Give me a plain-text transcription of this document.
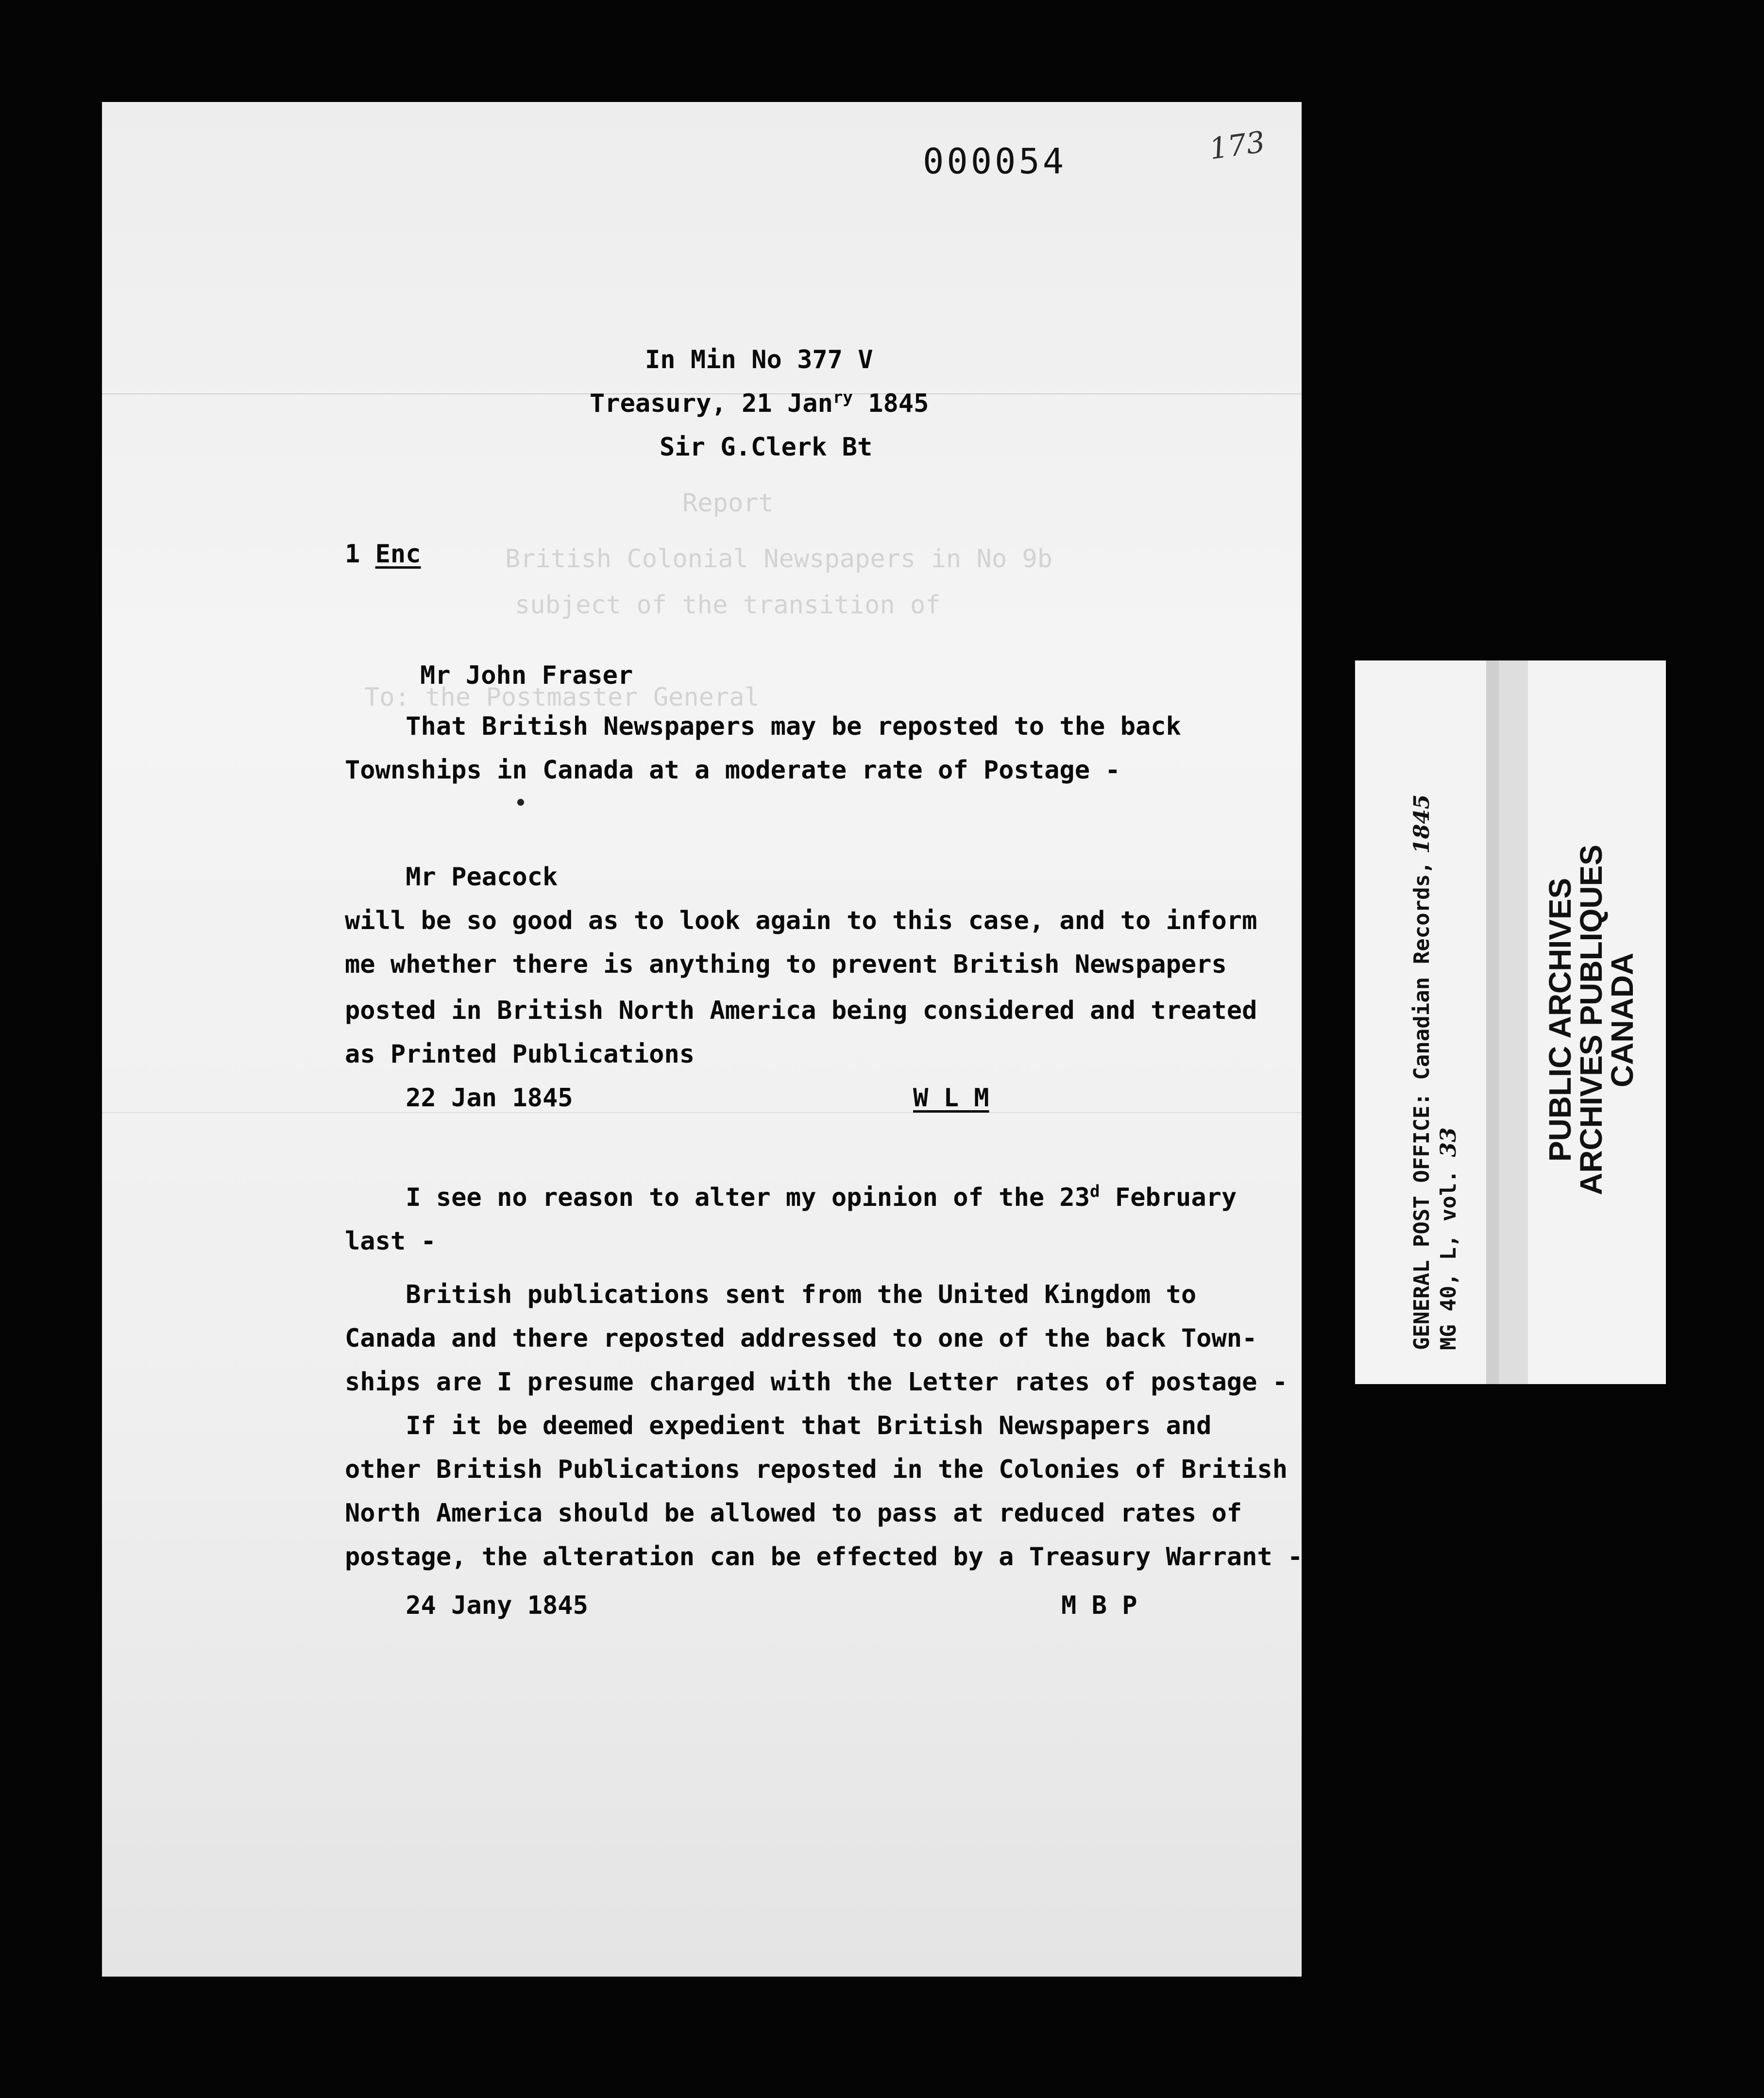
000054	173
Report
British Colonial Newspapers in No 9b
subject of the transition of
To: the Postmaster General
In Min No 377 V
Treasury, 21 Jan$^{ry}$ 1845
Sir G.Clerk Bt
1 Enc
Mr John Fraser
That British Newspapers may be reposted to the back
Townships in Canada at a moderate rate of Postage -
Mr Peacock
will be so good as to look again to this case, and to inform
me whether there is anything to prevent British Newspapers
posted in British North America being considered and treated
as Printed Publications
22 Jan 1845	W L M
I see no reason to alter my opinion of the 23$^d$ February
last -
British publications sent from the United Kingdom to
Canada and there reposted addressed to one of the back Town-
ships are I presume charged with the Letter rates of postage -
If it be deemed expedient that British Newspapers and
other British Publications reposted in the Colonies of British
North America should be allowed to pass at reduced rates of
postage, the alteration can be effected by a Treasury Warrant -
24 Jany 1845	M B P
GENERAL POST OFFICE: Canadian Records, 1845
MG 40, L, vol. 33	PUBLIC ARCHIVES
ARCHIVES PUBLIQUES
CANADA
